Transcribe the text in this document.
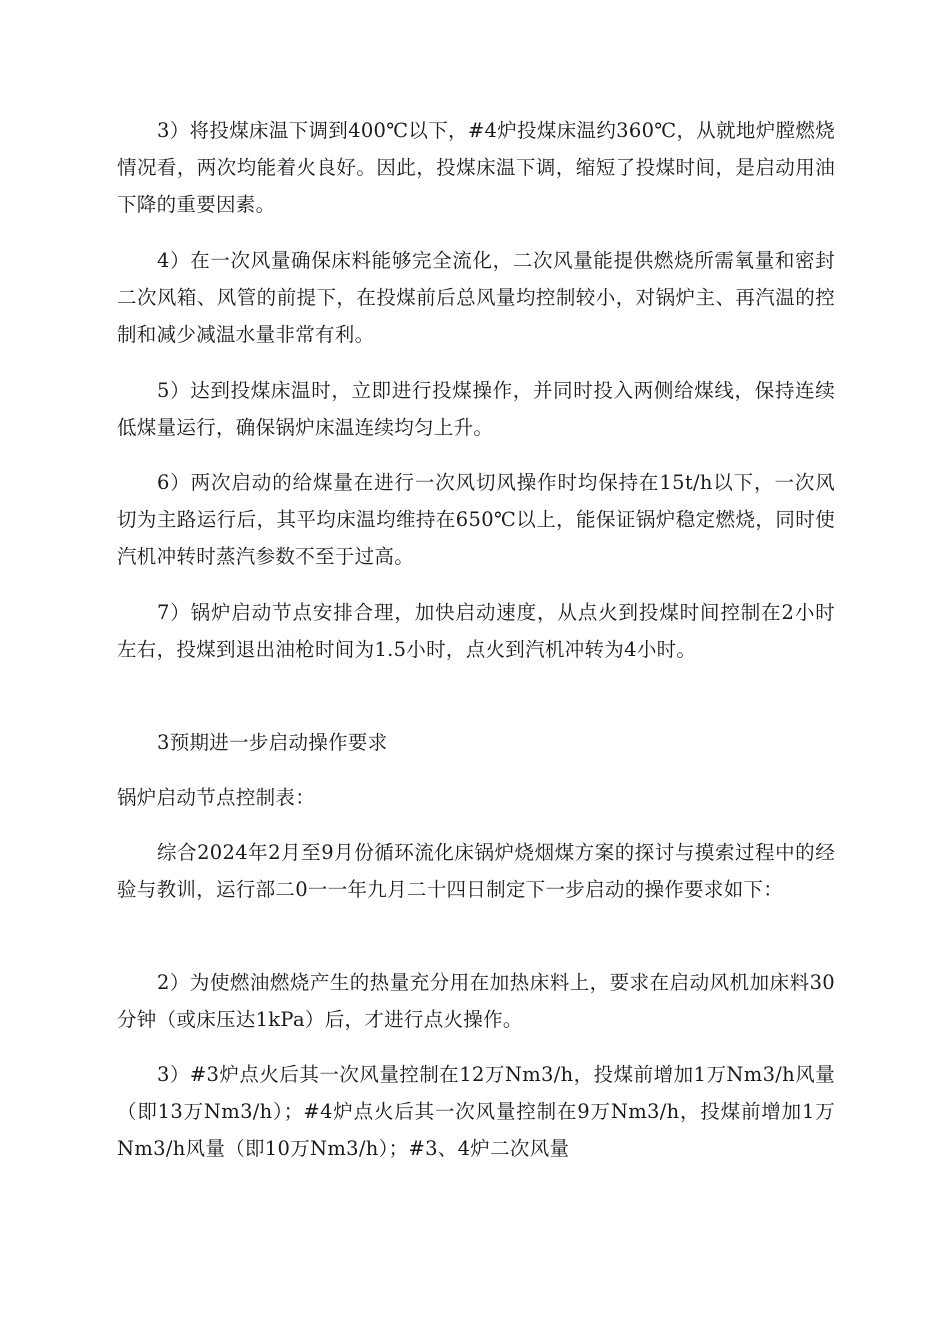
3）将投煤床温下调到400℃以下，#4炉投煤床温约360℃，从就地炉膛燃烧情况看，两次均能着火良好。因此，投煤床温下调，缩短了投煤时间，是启动用油下降的重要因素。

4）在一次风量确保床料能够完全流化，二次风量能提供燃烧所需氧量和密封二次风箱、风管的前提下，在投煤前后总风量均控制较小，对锅炉主、再汽温的控制和减少减温水量非常有利。

5）达到投煤床温时，立即进行投煤操作，并同时投入两侧给煤线，保持连续低煤量运行，确保锅炉床温连续均匀上升。

6）两次启动的给煤量在进行一次风切风操作时均保持在15t/h以下，一次风切为主路运行后，其平均床温均维持在650℃以上，能保证锅炉稳定燃烧，同时使汽机冲转时蒸汽参数不至于过高。

7）锅炉启动节点安排合理，加快启动速度，从点火到投煤时间控制在2小时左右，投煤到退出油枪时间为1.5小时，点火到汽机冲转为4小时。

3预期进一步启动操作要求

锅炉启动节点控制表：

综合2024年2月至9月份循环流化床锅炉烧烟煤方案的探讨与摸索过程中的经验与教训，运行部二0一一年九月二十四日制定下一步启动的操作要求如下：

2）为使燃油燃烧产生的热量充分用在加热床料上，要求在启动风机加床料30分钟（或床压达1kPa）后，才进行点火操作。

3）#3炉点火后其一次风量控制在12万Nm3/h，投煤前增加1万Nm3/h风量（即13万Nm3/h）；#4炉点火后其一次风量控制在9万Nm3/h，投煤前增加1万Nm3/h风量（即10万Nm3/h）；#3、4炉二次风量
